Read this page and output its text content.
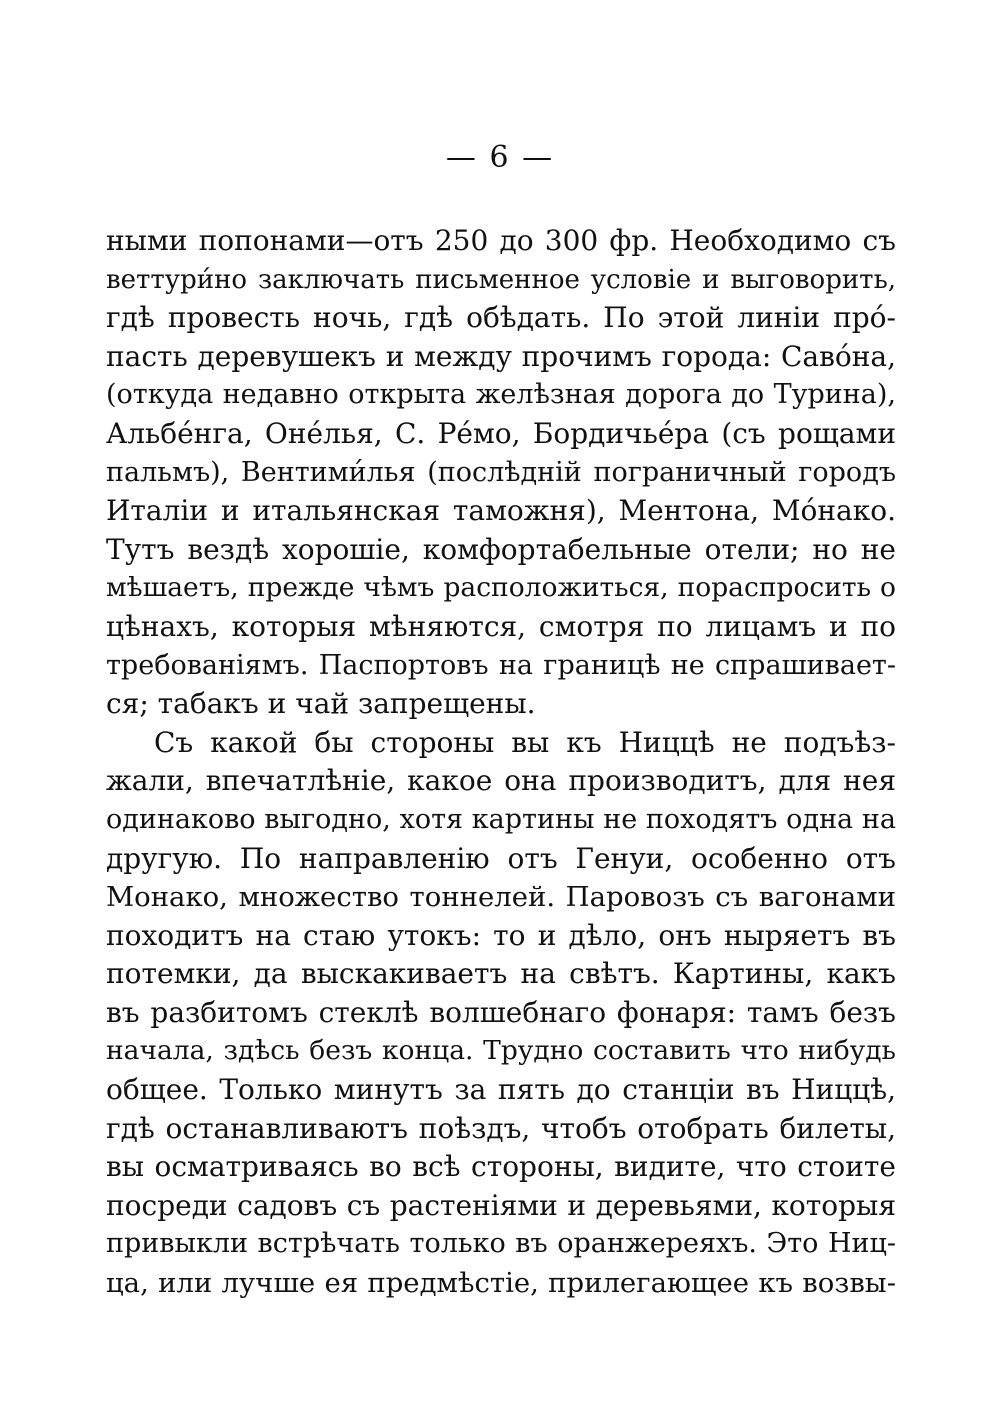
— 6 —
ными попонами—отъ 250 до 300 фр. Необходимо съ
веттури́но заключать письменное условіе и выговорить,
гдѣ провесть ночь, гдѣ обѣдать. По этой линіи про́-
пасть деревушекъ и между прочимъ города: Саво́на,
(откуда недавно открыта желѣзная дорога до Турина),
Альбе́нга, Оне́лья, С. Ре́мо, Бордичье́ра (съ рощами
пальмъ), Вентими́лья (послѣдній пограничный городъ
Италіи и итальянская таможня), Ментона, Мо́нако.
Тутъ вездѣ хорошіе, комфортабельные отели; но не
мѣшаетъ, прежде чѣмъ расположиться, пораспросить о
цѣнахъ, которыя мѣняются, смотря по лицамъ и по
требованіямъ. Паспортовъ на границѣ не спрашивает-
ся; табакъ и чай запрещены.
Съ какой бы стороны вы къ Ниццѣ не подъѣз-
жали, впечатлѣніе, какое она производитъ, для нея
одинаково выгодно, хотя картины не походятъ одна на
другую. По направленію отъ Генуи, особенно отъ
Монако, множество тоннелей. Паровозъ съ вагонами
походитъ на стаю утокъ: то и дѣло, онъ ныряетъ въ
потемки, да выскакиваетъ на свѣтъ. Картины, какъ
въ разбитомъ стеклѣ волшебнаго фонаря: тамъ безъ
начала, здѣсь безъ конца. Трудно составить что нибудь
общее. Только минутъ за пять до станціи въ Ниццѣ,
гдѣ останавливаютъ поѣздъ, чтобъ отобрать билеты,
вы осматриваясь во всѣ стороны, видите, что стоите
посреди садовъ съ растеніями и деревьями, которыя
привыкли встрѣчать только въ оранжереяхъ. Это Ниц-
ца, или лучше ея предмѣстіе, прилегающее къ возвы-
